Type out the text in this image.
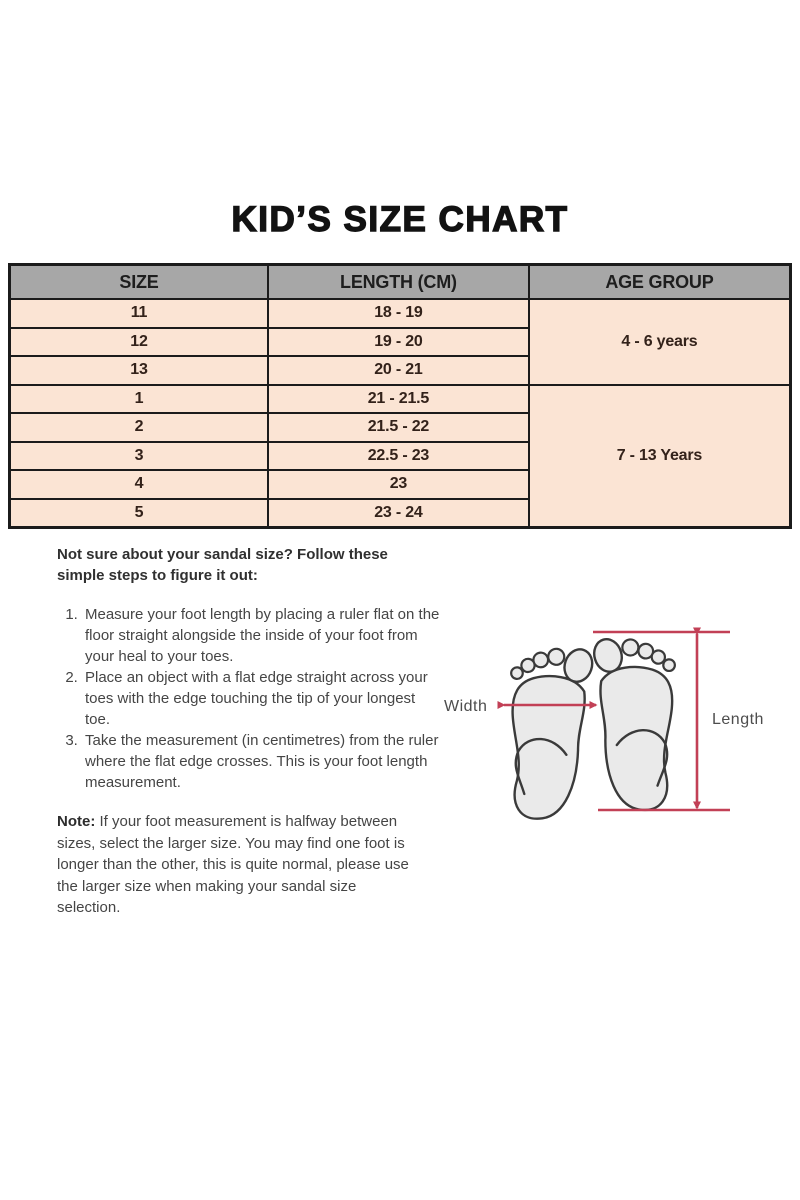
KID’S SIZE CHART
SIZE	LENGTH (CM)	AGE GROUP
11	18 - 19	4 - 6 years
12	19 - 20	
13	20 - 21	
1	21 - 21.5	7 - 13 Years
2	21.5 - 22	
3	22.5 - 23	
4	23	
5	23 - 24	
Not sure about your sandal size? Follow these simple steps to figure it out:
1. Measure your foot length by placing a ruler flat on the floor straight alongside the inside of your foot from your heal to your toes.
2. Place an object with a flat edge straight across your toes with the edge touching the tip of your longest toe.
3. Take the measurement (in centimetres) from the ruler where the flat edge crosses. This is your foot length measurement.
Note: If your foot measurement is halfway between sizes, select the larger size. You may find one foot is longer than the other, this is quite normal, please use the larger size when making your sandal size selection.
Width
Length
